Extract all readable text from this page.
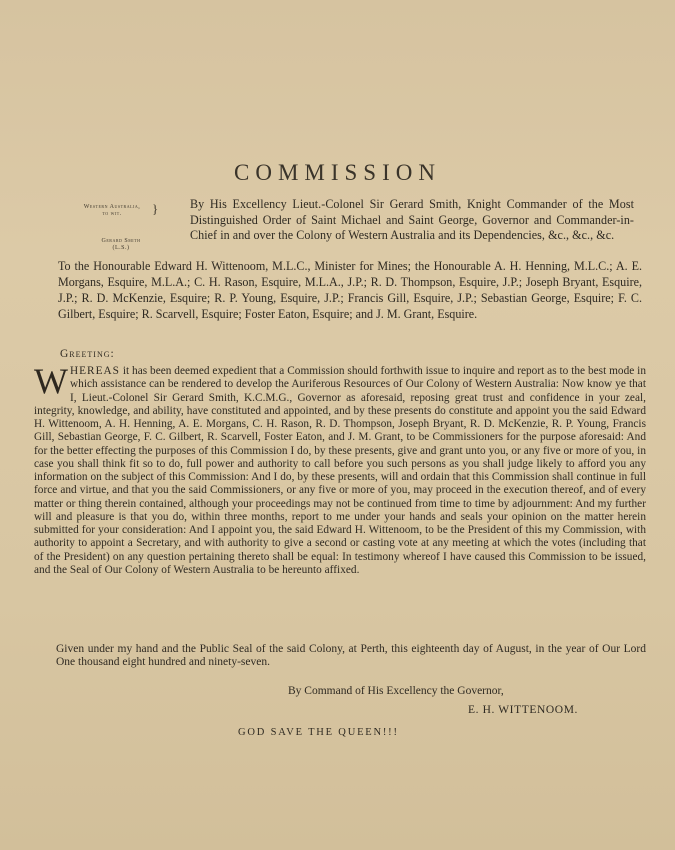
COMMISSION
Western Australia,
to wit.	}
Gerard Smith
(L.S.)
By His Excellency Lieut.-Colonel Sir Gerard Smith, Knight Commander of the Most Distinguished Order of Saint Michael and Saint George, Governor and Commander-in-Chief in and over the Colony of Western Australia and its Dependencies, &c., &c., &c.
To the Honourable Edward H. Wittenoom, M.L.C., Minister for Mines; the Honourable A. H. Henning, M.L.C.; A. E. Morgans, Esquire, M.L.A.; C. H. Rason, Esquire, M.L.A., J.P.; R. D. Thompson, Esquire, J.P.; Joseph Bryant, Esquire, J.P.; R. D. McKenzie, Esquire; R. P. Young, Esquire, J.P.; Francis Gill, Esquire, J.P.; Sebastian George, Esquire; F. C. Gilbert, Esquire; R. Scarvell, Esquire; Foster Eaton, Esquire; and J. M. Grant, Esquire.
Greeting:
WHEREAS it has been deemed expedient that a Commission should forthwith issue to inquire and report as to the best mode in which assistance can be rendered to develop the Auriferous Resources of Our Colony of Western Australia: Now know ye that I, Lieut.-Colonel Sir Gerard Smith, K.C.M.G., Governor as aforesaid, reposing great trust and confidence in your zeal, integrity, knowledge, and ability, have constituted and appointed, and by these presents do constitute and appoint you the said Edward H. Wittenoom, A. H. Henning, A. E. Morgans, C. H. Rason, R. D. Thompson, Joseph Bryant, R. D. McKenzie, R. P. Young, Francis Gill, Sebastian George, F. C. Gilbert, R. Scarvell, Foster Eaton, and J. M. Grant, to be Commissioners for the purpose aforesaid: And for the better effecting the purposes of this Commission I do, by these presents, give and grant unto you, or any five or more of you, in case you shall think fit so to do, full power and authority to call before you such persons as you shall judge likely to afford you any information on the subject of this Commission: And I do, by these presents, will and ordain that this Commission shall continue in full force and virtue, and that you the said Commissioners, or any five or more of you, may proceed in the execution thereof, and of every matter or thing therein contained, although your proceedings may not be continued from time to time by adjournment: And my further will and pleasure is that you do, within three months, report to me under your hands and seals your opinion on the matter herein submitted for your consideration: And I appoint you, the said Edward H. Wittenoom, to be the President of this my Commission, with authority to appoint a Secretary, and with authority to give a second or casting vote at any meeting at which the votes (including that of the President) on any question pertaining thereto shall be equal: In testimony whereof I have caused this Commission to be issued, and the Seal of Our Colony of Western Australia to be hereunto affixed.
Given under my hand and the Public Seal of the said Colony, at Perth, this eighteenth day of August, in the year of Our Lord One thousand eight hundred and ninety-seven.
By Command of His Excellency the Governor,
E. H. WITTENOOM.
GOD SAVE THE QUEEN!!!
